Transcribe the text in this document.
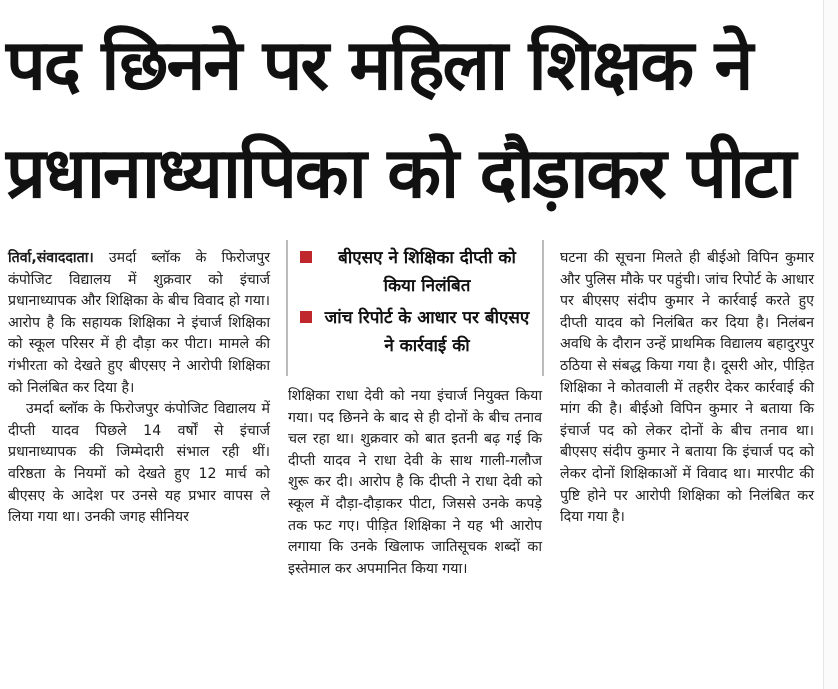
पद छिनने पर महिला शिक्षक ने
प्रधानाध्यापिका को दौड़ाकर पीटा
बीएसए ने शिक्षिका दीप्ती को किया निलंबित
जांच रिपोर्ट के आधार पर बीएसए ने कार्रवाई की

तिर्वा,संवाददाता। उमर्दा ब्लॉक के फिरोजपुर कंपोजिट विद्यालय में शुक्रवार को इंचार्ज प्रधानाध्यापक और शिक्षिका के बीच विवाद हो गया। आरोप है कि सहायक शिक्षिका ने इंचार्ज शिक्षिका को स्कूल परिसर में ही दौड़ा कर पीटा। मामले की गंभीरता को देखते हुए बीएसए ने आरोपी शिक्षिका को निलंबित कर दिया है।

उमर्दा ब्लॉक के फिरोजपुर कंपोजिट विद्यालय में दीप्ती यादव पिछले 14 वर्षों से इंचार्ज प्रधानाध्यापक की जिम्मेदारी संभाल रही थीं। वरिष्ठता के नियमों को देखते हुए 12 मार्च को बीएसए के आदेश पर उनसे यह प्रभार वापस ले लिया गया था। उनकी जगह सीनियर

शिक्षिका राधा देवी को नया इंचार्ज नियुक्त किया गया। पद छिनने के बाद से ही दोनों के बीच तनाव चल रहा था। शुक्रवार को बात इतनी बढ़ गई कि दीप्ती यादव ने राधा देवी के साथ गाली-गलौज शुरू कर दी। आरोप है कि दीप्ती ने राधा देवी को स्कूल में दौड़ा-दौड़ाकर पीटा, जिससे उनके कपड़े तक फट गए। पीड़ित शिक्षिका ने यह भी आरोप लगाया कि उनके खिलाफ जातिसूचक शब्दों का इस्तेमाल कर अपमानित किया गया।

घटना की सूचना मिलते ही बीईओ विपिन कुमार और पुलिस मौके पर पहुंची। जांच रिपोर्ट के आधार पर बीएसए संदीप कुमार ने कार्रवाई करते हुए दीप्ती यादव को निलंबित कर दिया है। निलंबन अवधि के दौरान उन्हें प्राथमिक विद्यालय बहादुरपुर ठठिया से संबद्ध किया गया है। दूसरी ओर, पीड़ित शिक्षिका ने कोतवाली में तहरीर देकर कार्रवाई की मांग की है। बीईओ विपिन कुमार ने बताया कि इंचार्ज पद को लेकर दोनों के बीच तनाव था। बीएसए संदीप कुमार ने बताया कि इंचार्ज पद को लेकर दोनों शिक्षिकाओं में विवाद था। मारपीट की पुष्टि होने पर आरोपी शिक्षिका को निलंबित कर दिया गया है।
